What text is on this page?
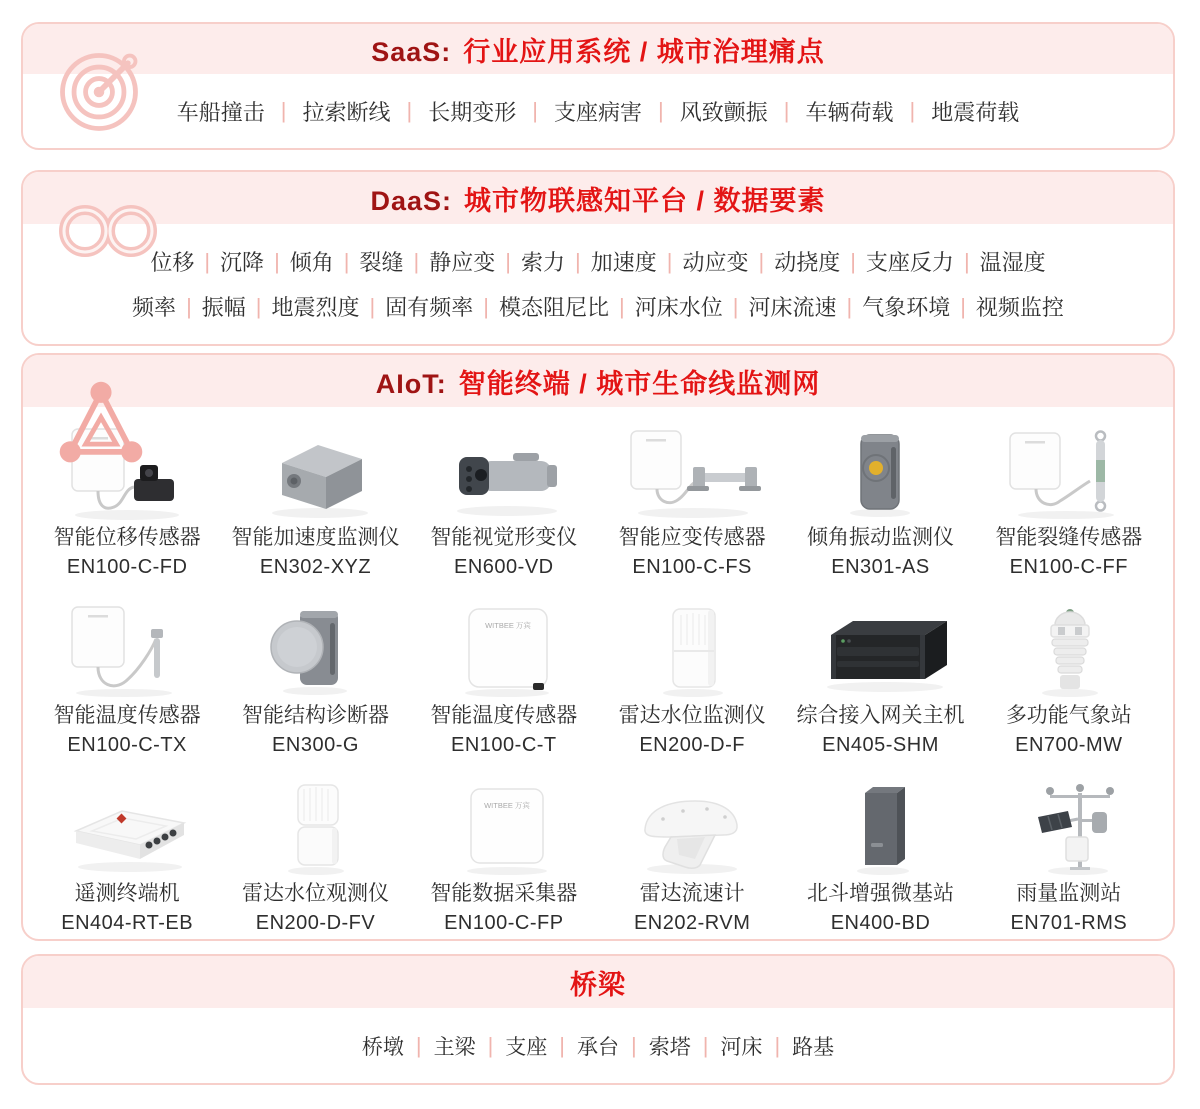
SaaS: 行业应用系统 / 城市治理痛点
车船撞击 | 拉索断线 | 长期变形 | 支座病害 | 风致颤振 | 车辆荷载 | 地震荷载
DaaS: 城市物联感知平台 / 数据要素
位移 | 沉降 | 倾角 | 裂缝 | 静应变 | 索力 | 加速度 | 动应变 | 动挠度 | 支座反力 | 温湿度
频率 | 振幅 | 地震烈度 | 固有频率 | 模态阻尼比 | 河床水位 | 河床流速 | 气象环境 | 视频监控
AIoT: 智能终端 / 城市生命线监测网
智能位移传感器
EN100-C-FD
智能加速度监测仪
EN302-XYZ
智能视觉形变仪
EN600-VD
智能应变传感器
EN100-C-FS
倾角振动监测仪
EN301-AS
智能裂缝传感器
EN100-C-FF
智能温度传感器
EN100-C-TX
智能结构诊断器
EN300-G
WITBEE 万宾
智能温度传感器
EN100-C-T
雷达水位监测仪
EN200-D-F
综合接入网关主机
EN405-SHM
多功能气象站
EN700-MW
遥测终端机
EN404-RT-EB
雷达水位观测仪
EN200-D-FV
WITBEE 万宾
智能数据采集器
EN100-C-FP
雷达流速计
EN202-RVM
北斗增强微基站
EN400-BD
雨量监测站
EN701-RMS
桥梁
桥墩 | 主梁 | 支座 | 承台 | 索塔 | 河床 | 路基
